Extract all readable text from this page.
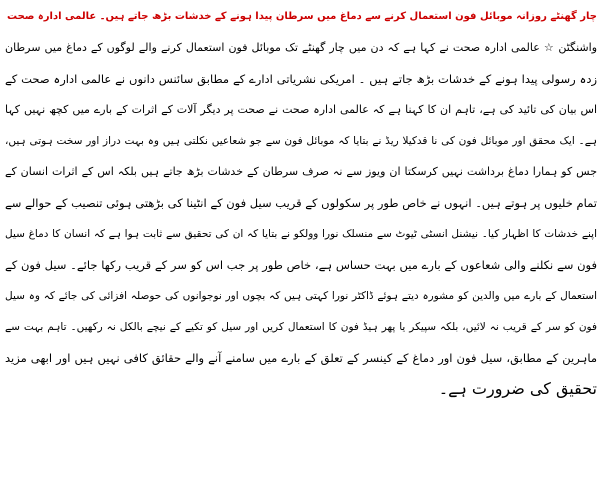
چار گھنٹے روزانہ موبائل فون استعمال کرنے سے دماغ میں سرطان پیدا ہونے کے خدشات بڑھ جاتے ہیں۔ عالمی ادارہ صحت
واشنگٹن ☆ عالمی ادارہ صحت نے کہا ہے کہ دن میں چار گھنٹے تک موبائل فون استعمال کرنے والے لوگوں کے دماغ میں سرطان
زدہ رسولی پیدا ہونے کے خدشات بڑھ جاتے ہیں ۔ امریکی نشریاتی ادارے کے مطابق سائنس دانوں نے عالمی ادارہ صحت کے
اس بیان کی تائید کی ہے، تاہم ان کا کہنا ہے کہ عالمی ادارہ صحت نے صحت پر دیگر آلات کے اثرات کے بارے میں کچھ نہیں کہا
ہے۔ ایک محقق اور موبائل فون کی نا قدکیلا ریڈ نے بتایا کہ موبائل فون سے جو شعاعیں نکلتی ہیں وہ بہت دراز اور سخت ہوتی ہیں،
جس کو ہمارا دماغ برداشت نہیں کرسکتا ان ویوز سے نہ صرف سرطان کے خدشات بڑھ جاتے ہیں بلکہ اس کے اثرات انسان کے
تمام خلیوں پر ہوتے ہیں۔ انہوں نے خاص طور پر سکولوں کے قریب سیل فون کے انٹینا کی بڑھتی ہوئی تنصیب کے حوالے سے
اپنے خدشات کا اظہار کیا۔ نیشنل انسٹی ٹیوٹ سے منسلک نورا وولکو نے بتایا کہ ان کی تحقیق سے ثابت ہوا ہے کہ انسان کا دماغ سیل
فون سے نکلنے والی شعاعوں کے بارے میں بہت حساس ہے، خاص طور پر جب اس کو سر کے قریب رکھا جائے۔ سیل فون کے
استعمال کے بارے میں والدین کو مشورہ دیتے ہوئے ڈاکٹر نورا کہتی ہیں کہ بچوں اور نوجوانوں کی حوصلہ افزائی کی جائے کہ وہ سیل
فون کو سر کے قریب نہ لائیں، بلکہ سپیکر یا پھر ہیڈ فون کا استعمال کریں اور سیل کو تکیے کے نیچے بالکل نہ رکھیں۔ تاہم بہت سے
ماہرین کے مطابق، سیل فون اور دماغ کے کینسر کے تعلق کے بارے میں سامنے آنے والے حقائق کافی نہیں ہیں اور ابھی مزید
تحقیق کی ضرورت ہے۔
